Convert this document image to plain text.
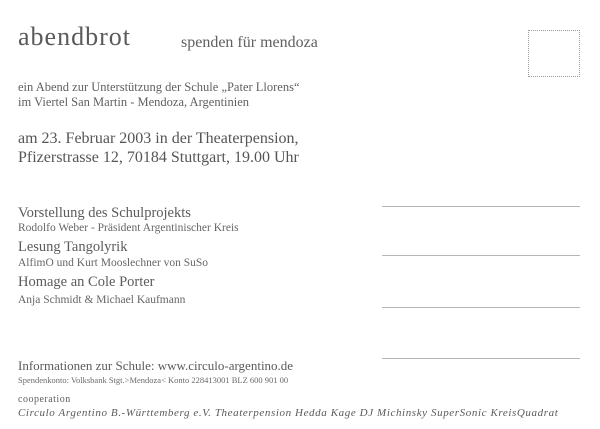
abendbrot	spenden für mendoza
ein Abend zur Unterstützung der Schule „Pater Llorens“
im Viertel San Martin - Mendoza, Argentinien
am 23. Februar 2003 in der Theaterpension,
Pfizerstrasse 12, 70184 Stuttgart, 19.00 Uhr
Vorstellung des Schulprojekts
Rodolfo Weber - Präsident Argentinischer Kreis
Lesung Tangolyrik
AlfimO und Kurt Mooslechner von SuSo
Homage an Cole Porter
Anja Schmidt & Michael Kaufmann
Informationen zur Schule: www.circulo-argentino.de
Spendenkonto: Volksbank Stgt.>Mendoza< Konto 228413001 BLZ 600 901 00
cooperation
Circulo Argentino B.-Württemberg e.V. Theaterpension Hedda Kage DJ Michinsky SuperSonic KreisQuadrat
